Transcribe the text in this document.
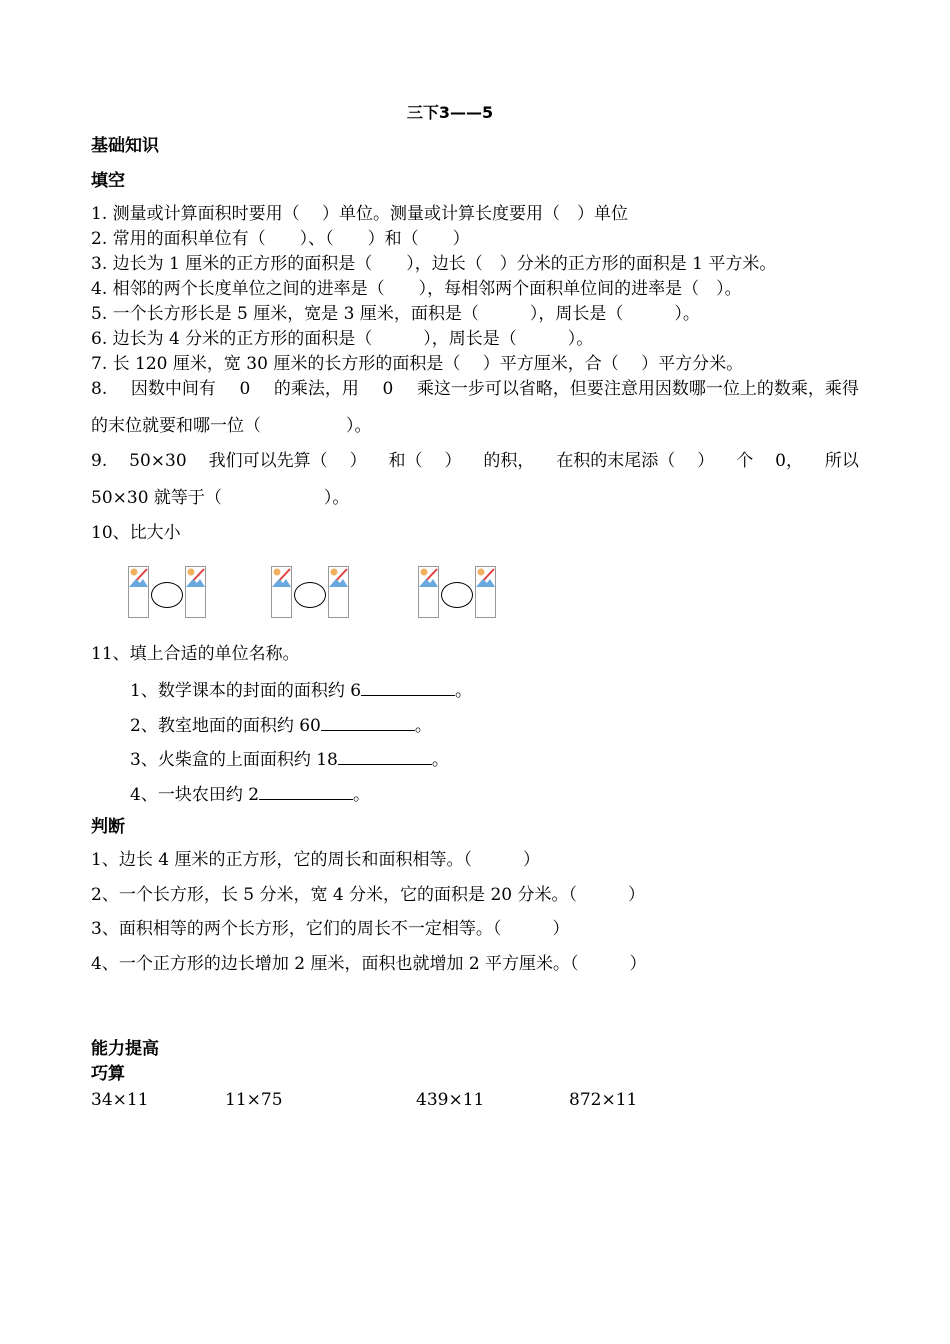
三下3——5
基础知识
填空
1. 测量或计算面积时要用（　 ）单位。测量或计算长度要用（　）单位
2. 常用的面积单位有（　　）、（　　）和（　　）
3. 边长为 1 厘米的正方形的面积是（　　），边长（　）分米的正方形的面积是 1 平方米。
4. 相邻的两个长度单位之间的进率是（　　），每相邻两个面积单位间的进率是（　）。
5. 一个长方形长是 5 厘米，宽是 3 厘米，面积是（　　　），周长是（　　　）。
6. 边长为 4 分米的正方形的面积是（　　　），周长是（　　　）。
7. 长 120 厘米，宽 30 厘米的长方形的面积是（　 ）平方厘米，合（　 ）平方分米。
8. 因数中间有 0 的乘法，用 0 乘这一步可以省略，但要注意用因数哪一位上的数乘，乘得
的末位就要和哪一位（　　　　　）。
9. 50×30 我们可以先算（ ） 和（ ） 的积， 在积的末尾添（ ） 个 0， 所以
50×30 就等于（　　　　　　）。
10、比大小
11、填上合适的单位名称。
1、数学课本的封面的面积约 6	。
2、教室地面的面积约 60	。
3、火柴盒的上面面积约 18	。
4、一块农田约 2	。
判断
1、边长 4 厘米的正方形，它的周长和面积相等。（　　　）
2、一个长方形，长 5 分米，宽 4 分米，它的面积是 20 分米。（　　　）
3、面积相等的两个长方形，它们的周长不一定相等。（　　　）
4、一个正方形的边长增加 2 厘米，面积也就增加 2 平方厘米。（　　　）
能力提高
巧算
34×11	11×75	439×11	872×11
